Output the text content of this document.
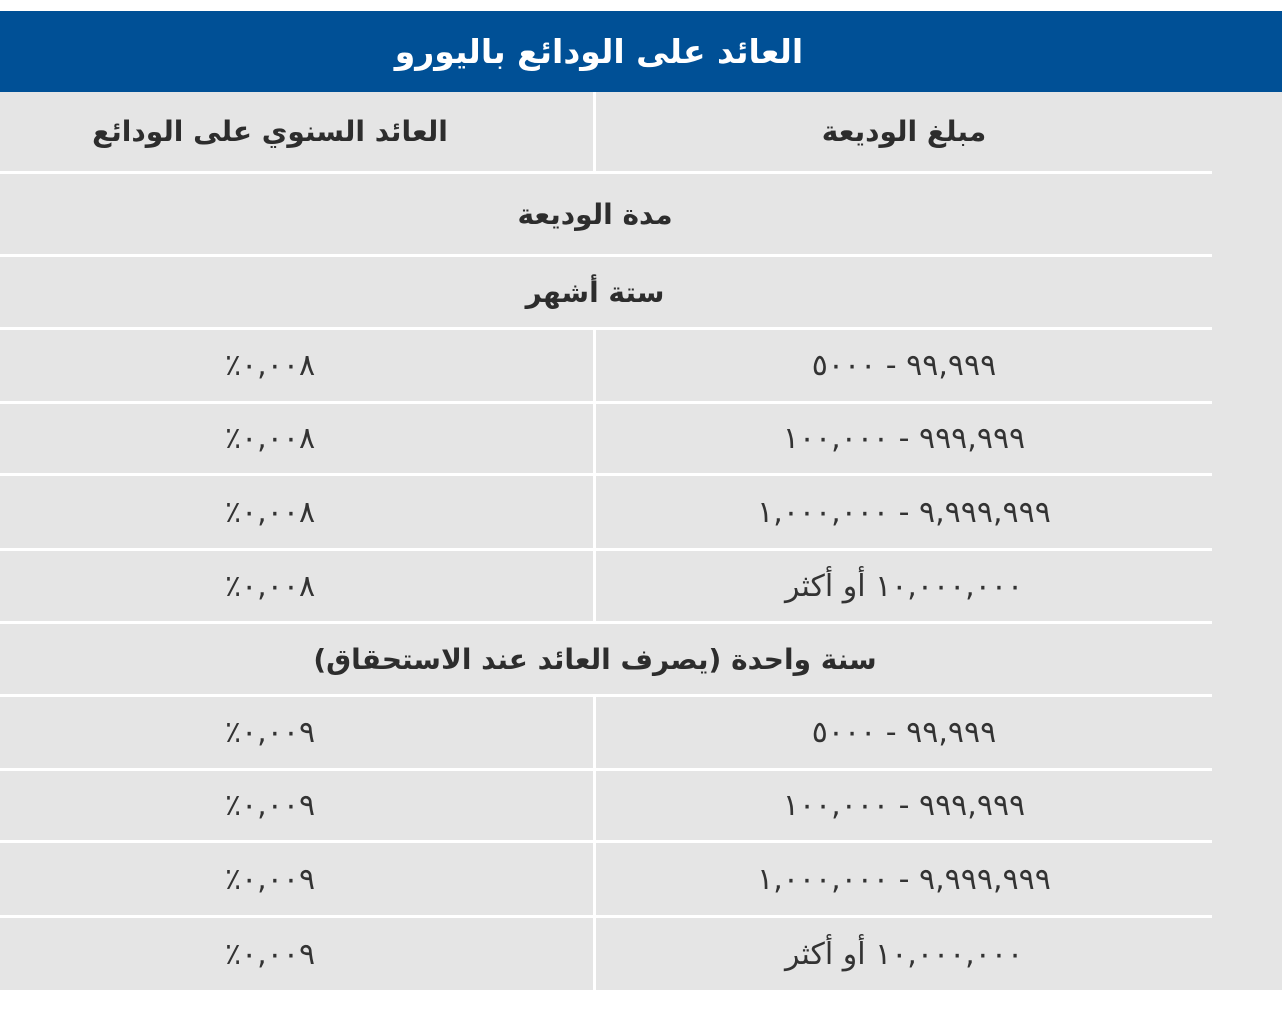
العائد على الودائع باليورو
مبلغ الوديعة
العائد السنوي على الودائع
مدة الوديعة
ستة أشهر
٩٩,٩٩٩ - ٥٠٠٠
٪٠,٠٠٨
٩٩٩,٩٩٩ - ١٠٠,٠٠٠
٪٠,٠٠٨
٩,٩٩٩,٩٩٩ - ١,٠٠٠,٠٠٠
٪٠,٠٠٨
١٠,٠٠٠,٠٠٠ أو أكثر
٪٠,٠٠٨
سنة واحدة (يصرف العائد عند الاستحقاق)
٩٩,٩٩٩ - ٥٠٠٠
٪٠,٠٠٩
٩٩٩,٩٩٩ - ١٠٠,٠٠٠
٪٠,٠٠٩
٩,٩٩٩,٩٩٩ - ١,٠٠٠,٠٠٠
٪٠,٠٠٩
١٠,٠٠٠,٠٠٠ أو أكثر
٪٠,٠٠٩
